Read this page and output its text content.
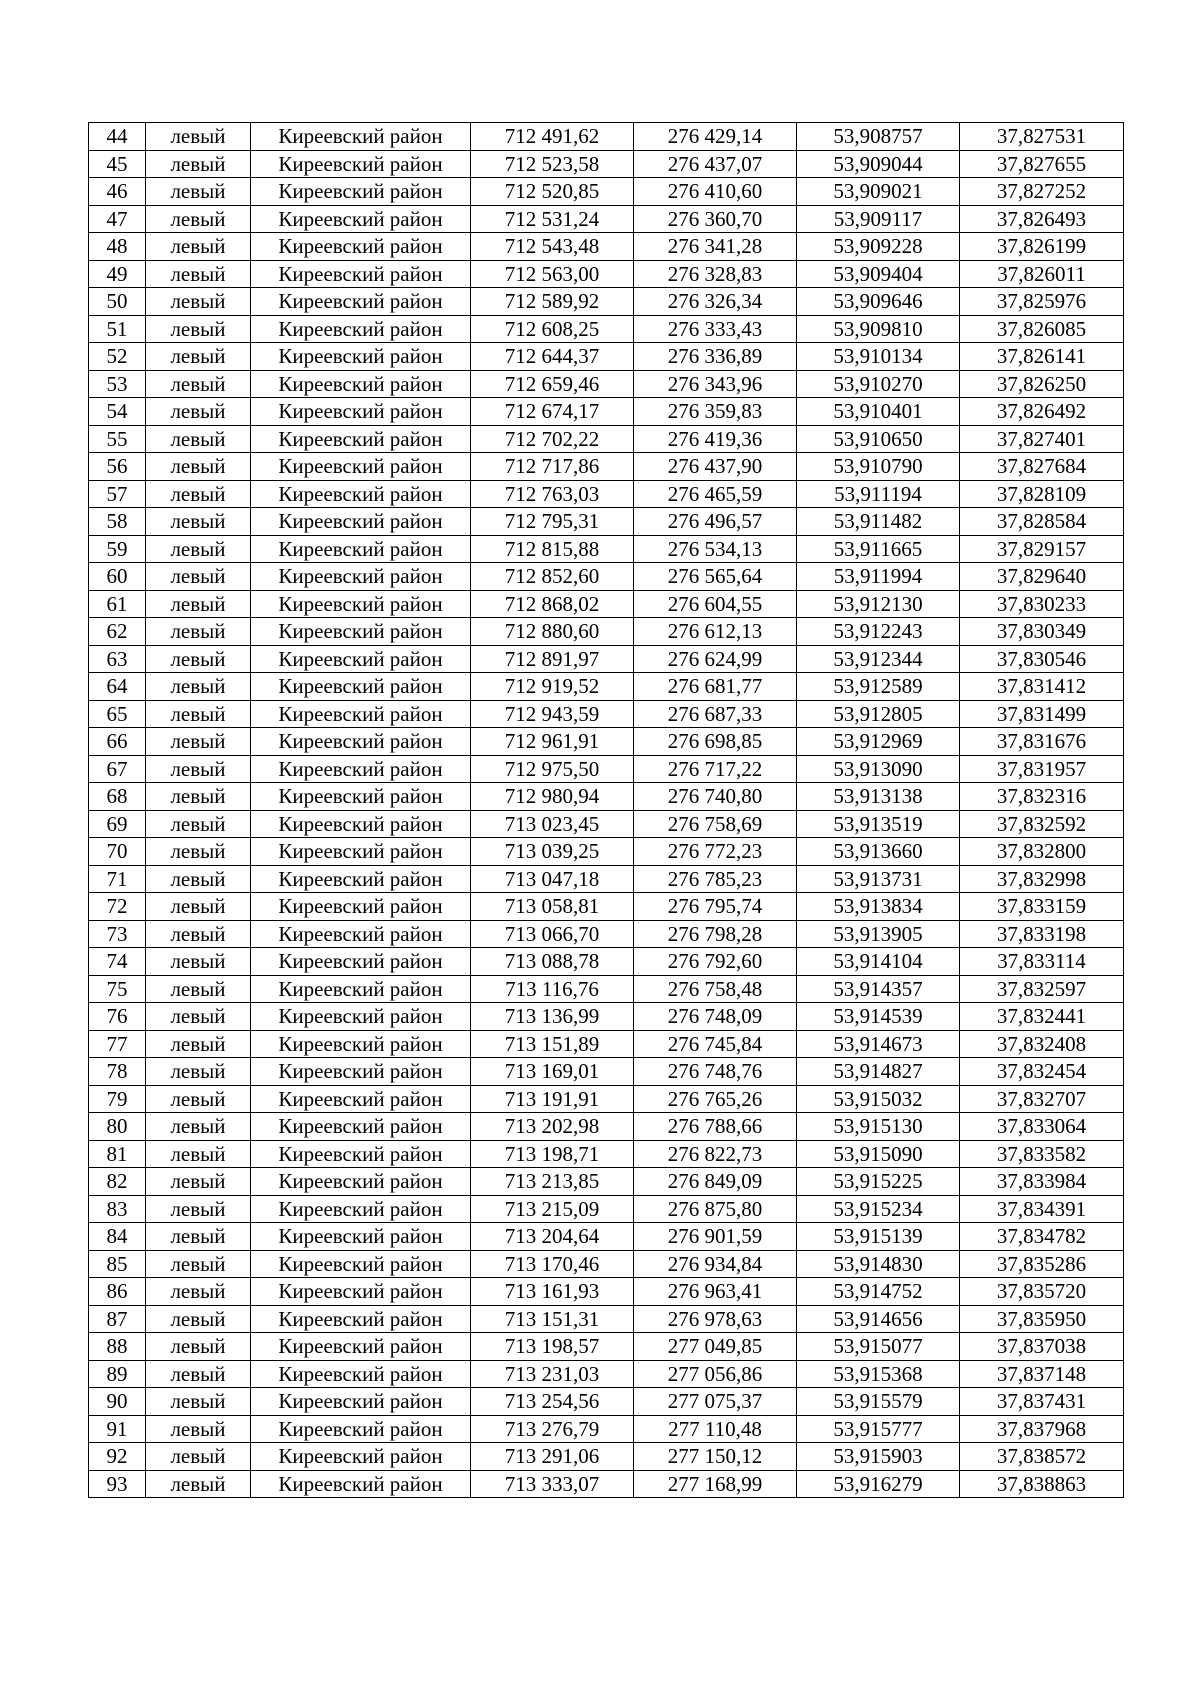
44	левый	Киреевский район	712 491,62	276 429,14	53,908757	37,827531
45	левый	Киреевский район	712 523,58	276 437,07	53,909044	37,827655
46	левый	Киреевский район	712 520,85	276 410,60	53,909021	37,827252
47	левый	Киреевский район	712 531,24	276 360,70	53,909117	37,826493
48	левый	Киреевский район	712 543,48	276 341,28	53,909228	37,826199
49	левый	Киреевский район	712 563,00	276 328,83	53,909404	37,826011
50	левый	Киреевский район	712 589,92	276 326,34	53,909646	37,825976
51	левый	Киреевский район	712 608,25	276 333,43	53,909810	37,826085
52	левый	Киреевский район	712 644,37	276 336,89	53,910134	37,826141
53	левый	Киреевский район	712 659,46	276 343,96	53,910270	37,826250
54	левый	Киреевский район	712 674,17	276 359,83	53,910401	37,826492
55	левый	Киреевский район	712 702,22	276 419,36	53,910650	37,827401
56	левый	Киреевский район	712 717,86	276 437,90	53,910790	37,827684
57	левый	Киреевский район	712 763,03	276 465,59	53,911194	37,828109
58	левый	Киреевский район	712 795,31	276 496,57	53,911482	37,828584
59	левый	Киреевский район	712 815,88	276 534,13	53,911665	37,829157
60	левый	Киреевский район	712 852,60	276 565,64	53,911994	37,829640
61	левый	Киреевский район	712 868,02	276 604,55	53,912130	37,830233
62	левый	Киреевский район	712 880,60	276 612,13	53,912243	37,830349
63	левый	Киреевский район	712 891,97	276 624,99	53,912344	37,830546
64	левый	Киреевский район	712 919,52	276 681,77	53,912589	37,831412
65	левый	Киреевский район	712 943,59	276 687,33	53,912805	37,831499
66	левый	Киреевский район	712 961,91	276 698,85	53,912969	37,831676
67	левый	Киреевский район	712 975,50	276 717,22	53,913090	37,831957
68	левый	Киреевский район	712 980,94	276 740,80	53,913138	37,832316
69	левый	Киреевский район	713 023,45	276 758,69	53,913519	37,832592
70	левый	Киреевский район	713 039,25	276 772,23	53,913660	37,832800
71	левый	Киреевский район	713 047,18	276 785,23	53,913731	37,832998
72	левый	Киреевский район	713 058,81	276 795,74	53,913834	37,833159
73	левый	Киреевский район	713 066,70	276 798,28	53,913905	37,833198
74	левый	Киреевский район	713 088,78	276 792,60	53,914104	37,833114
75	левый	Киреевский район	713 116,76	276 758,48	53,914357	37,832597
76	левый	Киреевский район	713 136,99	276 748,09	53,914539	37,832441
77	левый	Киреевский район	713 151,89	276 745,84	53,914673	37,832408
78	левый	Киреевский район	713 169,01	276 748,76	53,914827	37,832454
79	левый	Киреевский район	713 191,91	276 765,26	53,915032	37,832707
80	левый	Киреевский район	713 202,98	276 788,66	53,915130	37,833064
81	левый	Киреевский район	713 198,71	276 822,73	53,915090	37,833582
82	левый	Киреевский район	713 213,85	276 849,09	53,915225	37,833984
83	левый	Киреевский район	713 215,09	276 875,80	53,915234	37,834391
84	левый	Киреевский район	713 204,64	276 901,59	53,915139	37,834782
85	левый	Киреевский район	713 170,46	276 934,84	53,914830	37,835286
86	левый	Киреевский район	713 161,93	276 963,41	53,914752	37,835720
87	левый	Киреевский район	713 151,31	276 978,63	53,914656	37,835950
88	левый	Киреевский район	713 198,57	277 049,85	53,915077	37,837038
89	левый	Киреевский район	713 231,03	277 056,86	53,915368	37,837148
90	левый	Киреевский район	713 254,56	277 075,37	53,915579	37,837431
91	левый	Киреевский район	713 276,79	277 110,48	53,915777	37,837968
92	левый	Киреевский район	713 291,06	277 150,12	53,915903	37,838572
93	левый	Киреевский район	713 333,07	277 168,99	53,916279	37,838863
